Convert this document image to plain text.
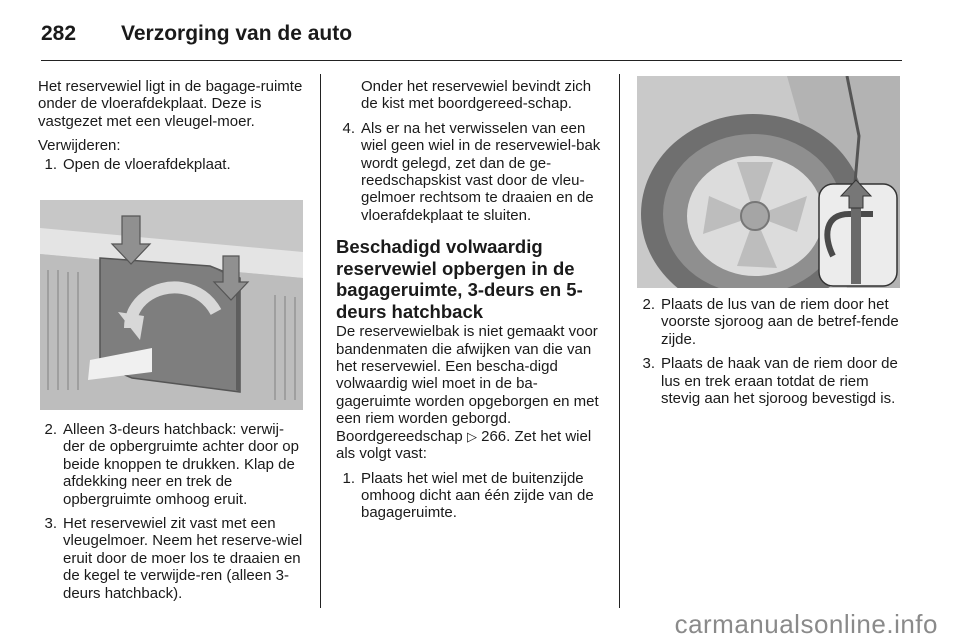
282 Verzorging van de auto

Het reservewiel ligt in de bagage-ruimte onder de vloerafdekplaat. Deze is vastgezet met een vleugel-moer.

Verwijderen:

1. Open de vloerafdekplaat.
2. Alleen 3-deurs hatchback: verwij-der de opbergruimte achter door op beide knoppen te drukken. Klap de afdekking neer en trek de opbergruimte omhoog eruit.
3. Het reservewiel zit vast met een vleugelmoer. Neem het reserve-wiel eruit door de moer los te draaien en de kegel te verwijde-ren (alleen 3-deurs hatchback).

Onder het reservewiel bevindt zich de kist met boordgereed-schap.

4. Als er na het verwisselen van een wiel geen wiel in de reservewiel-bak wordt gelegd, zet dan de ge-reedschapskist vast door de vleu-gelmoer rechtsom te draaien en de vloerafdekplaat te sluiten.

Beschadigd volwaardig reservewiel opbergen in de bagageruimte, 3-deurs en 5-deurs hatchback

De reservewielbak is niet gemaakt voor bandenmaten die afwijken van die van het reservewiel. Een bescha-digd volwaardig wiel moet in de ba-gageruimte worden opgeborgen en met een riem worden geborgd. Boordgereedschap ▷ 266. Zet het wiel als volgt vast:

1. Plaats het wiel met de buitenzijde omhoog dicht aan één zijde van de bagageruimte.
2. Plaats de lus van de riem door het voorste sjoroog aan de betref-fende zijde.
3. Plaats de haak van de riem door de lus en trek eraan totdat de riem stevig aan het sjoroog bevestigd is.
carmanualsonline.info
